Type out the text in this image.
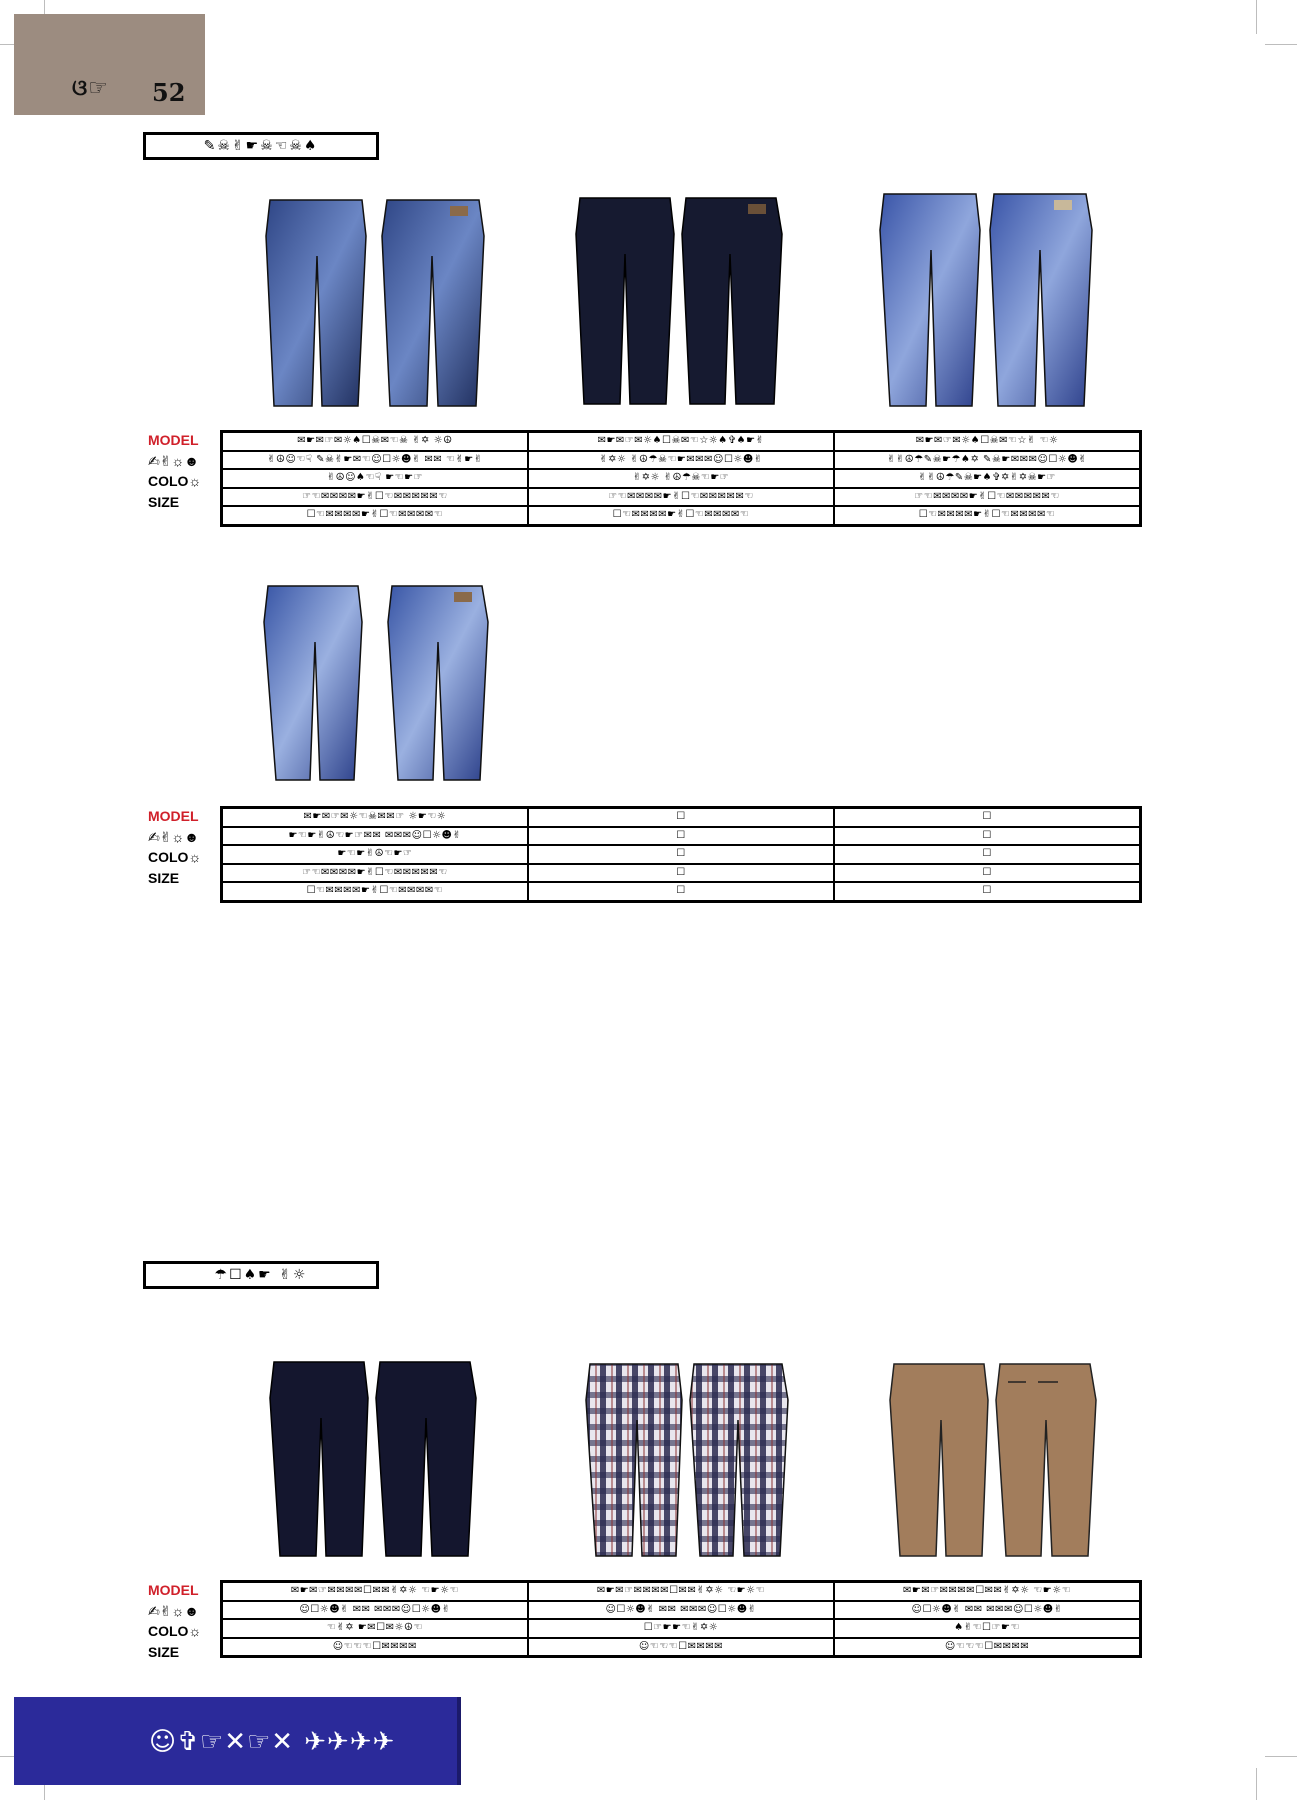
ଓ☞ 52
✎☠✌☛☠☜☠♠
MODEL
✍✌☼☻
COLO☼
SIZE
✉☛✉☞✉☼♠☐☠✉☜☠ ✌✡ ☼☮	✉☛✉☞✉☼♠☐☠✉☜☆☼♠✞♠☛✌	✉☛✉☞✉☼♠☐☠✉☜☆✌ ☜☼
✌☮☺☜☟ ✎☠✌☛✉☜☺☐☼☻✌ ✉✉ ☜✌☛✌	✌✡☼ ✌☮☂☠☜☛✉✉✉☺☐☼☻✌	✌✌☮☂✎☠☛☂♠✡ ✎☠☛✉✉✉☺☐☼☻✌
✌☮☺♠☜☟ ☛☜☛☞	✌✡☼ ✌☮☂☠☜☛☞	✌✌☮☂✎☠☛♠✞✡✌✡☠☛☞
☞☜✉✉✉✉☛✌☐☜✉✉✉✉✉☜	☞☜✉✉✉✉☛✌☐☜✉✉✉✉✉☜	☞☜✉✉✉✉☛✌☐☜✉✉✉✉✉☜
☐☜✉✉✉✉☛✌☐☜✉✉✉✉☜	☐☜✉✉✉✉☛✌☐☜✉✉✉✉☜	☐☜✉✉✉✉☛✌☐☜✉✉✉✉☜
MODEL
✍✌☼☻
COLO☼
SIZE
✉☛✉☞✉☼☜☠✉✉☞ ☼☛☜☼	☐	☐
☛☜☛✌☮☜☛☞✉✉ ✉✉✉☺☐☼☻✌	☐	☐
☛☜☛✌☮☜☛☞	☐	☐
☞☜✉✉✉✉☛✌☐☜✉✉✉✉✉☜	☐	☐
☐☜✉✉✉✉☛✌☐☜✉✉✉✉☜	☐	☐
☂☐♠☛ ✌☼
MODEL
✍✌☼☻
COLO☼
SIZE
✉☛✉☞✉✉✉✉☐✉✉✌✡☼ ☜☛☼☜	✉☛✉☞✉✉✉✉☐✉✉✌✡☼ ☜☛☼☜	✉☛✉☞✉✉✉✉☐✉✉✌✡☼ ☜☛☼☜
☺☐☼☻✌ ✉✉ ✉✉✉☺☐☼☻✌	☺☐☼☻✌ ✉✉ ✉✉✉☺☐☼☻✌	☺☐☼☻✌ ✉✉ ✉✉✉☺☐☼☻✌
☜✌✡ ☛✉☐✉☼☮☜	☐☞☛☛☜✌✡☼	♠✌☜☐☞☛☜
☺☜☜☜☐✉✉✉✉	☺☜☜☜☐✉✉✉✉	☺☜☜☜☐✉✉✉✉
☺✞☞✕☞✕ ✈✈✈✈
